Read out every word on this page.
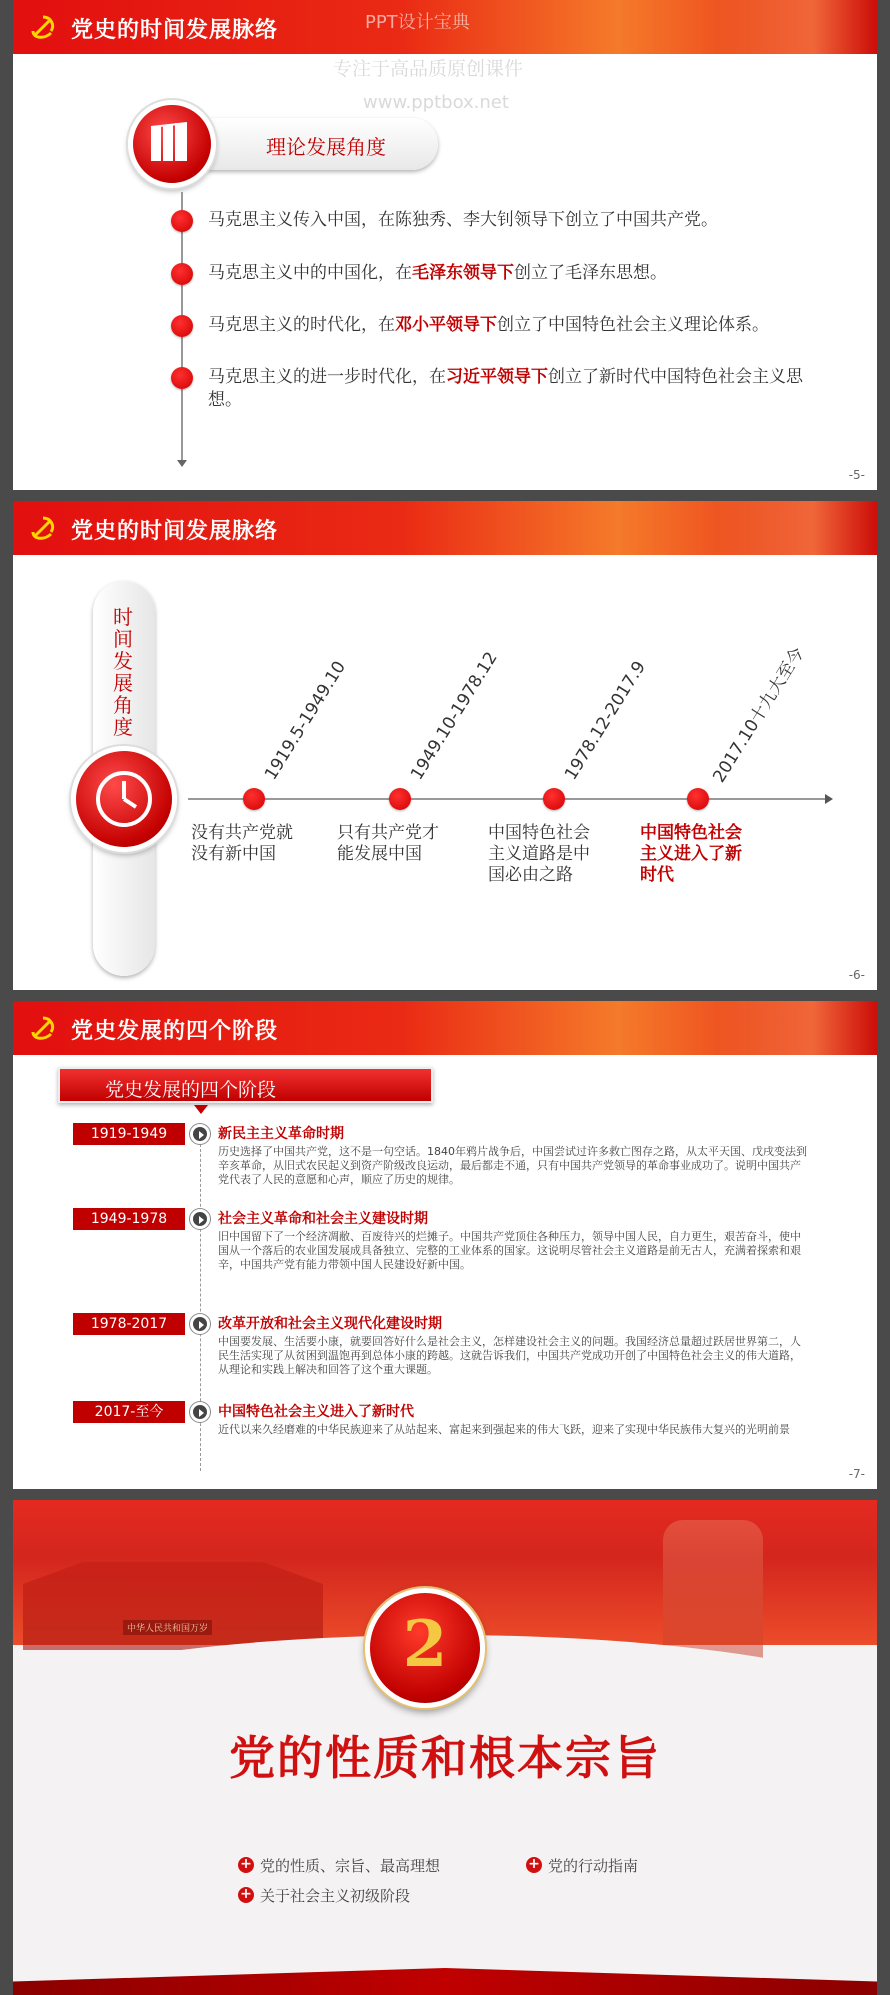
党史的时间发展脉络	PPT设计宝典
专注于高品质原创课件
www.pptbox.net
理论发展角度
马克思主义传入中国，在陈独秀、李大钊领导下创立了中国共产党。
马克思主义中的中国化，在毛泽东领导下创立了毛泽东思想。
马克思主义的时代化，在邓小平领导下创立了中国特色社会主义理论体系。
马克思主义的进一步时代化，在习近平领导下创立了新时代中国特色社会主义思想。
-5-
党史的时间发展脉络
时间发展角度	1919.5-1949.10	1949.10-1978.12	1978.12-2017.9	2017.10十九大至今
没有共产党就没有新中国
只有共产党才能发展中国
中国特色社会主义道路是中国必由之路
中国特色社会主义进入了新时代
-6-
党史发展的四个阶段
党史发展的四个阶段
1919-1949	新民主主义革命时期
历史选择了中国共产党，这不是一句空话。1840年鸦片战争后，中国尝试过许多救亡图存之路，从太平天国、戊戌变法到辛亥革命，从旧式农民起义到资产阶级改良运动，最后都走不通，只有中国共产党领导的革命事业成功了。说明中国共产党代表了人民的意愿和心声，顺应了历史的规律。
1949-1978	社会主义革命和社会主义建设时期
旧中国留下了一个经济凋敝、百废待兴的烂摊子。中国共产党顶住各种压力，领导中国人民，自力更生，艰苦奋斗，使中国从一个落后的农业国发展成具备独立、完整的工业体系的国家。这说明尽管社会主义道路是前无古人，充满着探索和艰辛，中国共产党有能力带领中国人民建设好新中国。
1978-2017	改革开放和社会主义现代化建设时期
中国要发展、生活要小康，就要回答好什么是社会主义，怎样建设社会主义的问题。我国经济总量超过跃居世界第二，人民生活实现了从贫困到温饱再到总体小康的跨越。这就告诉我们，中国共产党成功开创了中国特色社会主义的伟大道路，从理论和实践上解决和回答了这个重大课题。
2017-至今	中国特色社会主义进入了新时代
近代以来久经磨难的中华民族迎来了从站起来、富起来到强起来的伟大飞跃，迎来了实现中华民族伟大复兴的光明前景
-7-
中华人民共和国万岁	2
党的性质和根本宗旨
+ 党的性质、宗旨、最高理想	+ 党的行动指南
+ 关于社会主义初级阶段
